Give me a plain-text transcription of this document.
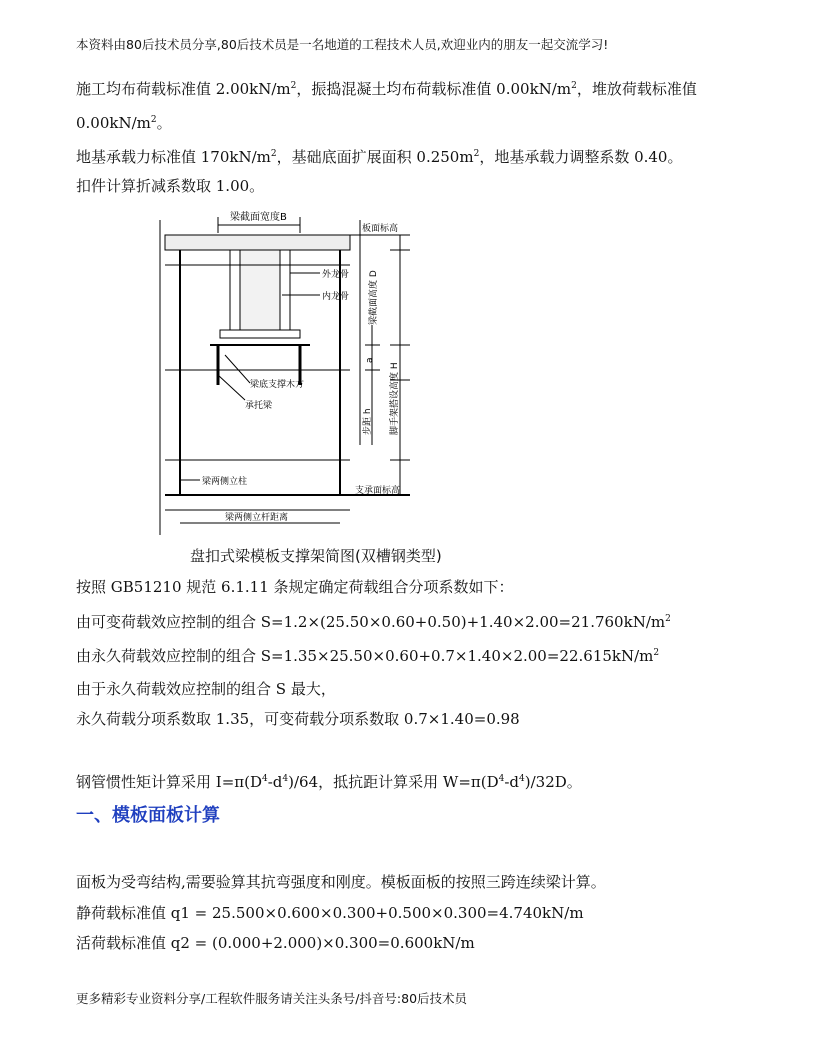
本资料由80后技术员分享,80后技术员是一名地道的工程技术人员,欢迎业内的朋友一起交流学习!
施工均布荷载标准值 $2.00kN/m^2$，振捣混凝土均布荷载标准值 $0.00kN/m^2$，堆放荷载标准值
$0.00kN/m^2$。
地基承载力标准值 $170kN/m^2$，基础底面扩展面积 $0.250m^2$，地基承载力调整系数 0.40。
扣件计算折减系数取 1.00。
梁截面宽度B
板面标高
外龙骨
内龙骨 梁截面高度 D
脚手架搭设高度 H
步距 h
a
梁底支撑木方
承托梁
梁两侧立柱
支承面标高
梁两侧立杆距离
盘扣式梁模板支撑架简图(双槽钢类型)
按照 GB51210 规范 6.1.11 条规定确定荷载组合分项系数如下：
由可变荷载效应控制的组合 $S=1.2\times(25.50\times 0.60+0.50)+1.40\times 2.00=21.760kN/m^2$
由永久荷载效应控制的组合 $S=1.35\times 25.50\times 0.60+0.7\times 1.40\times 2.00=22.615kN/m^2$
由于永久荷载效应控制的组合 S 最大，
永久荷载分项系数取 1.35，可变荷载分项系数取 0.7×1.40=0.98
钢管惯性矩计算采用 $I=\pi(D^4-d^4)/64$，抵抗距计算采用 $W=\pi(D^4-d^4)/32D$。
一、模板面板计算
面板为受弯结构,需要验算其抗弯强度和刚度。模板面板的按照三跨连续梁计算。
静荷载标准值 q1 = 25.500×0.600×0.300+0.500×0.300=4.740kN/m
活荷载标准值 q2 = (0.000+2.000)×0.300=0.600kN/m
更多精彩专业资料分享/工程软件服务请关注头条号/抖音号:80后技术员
